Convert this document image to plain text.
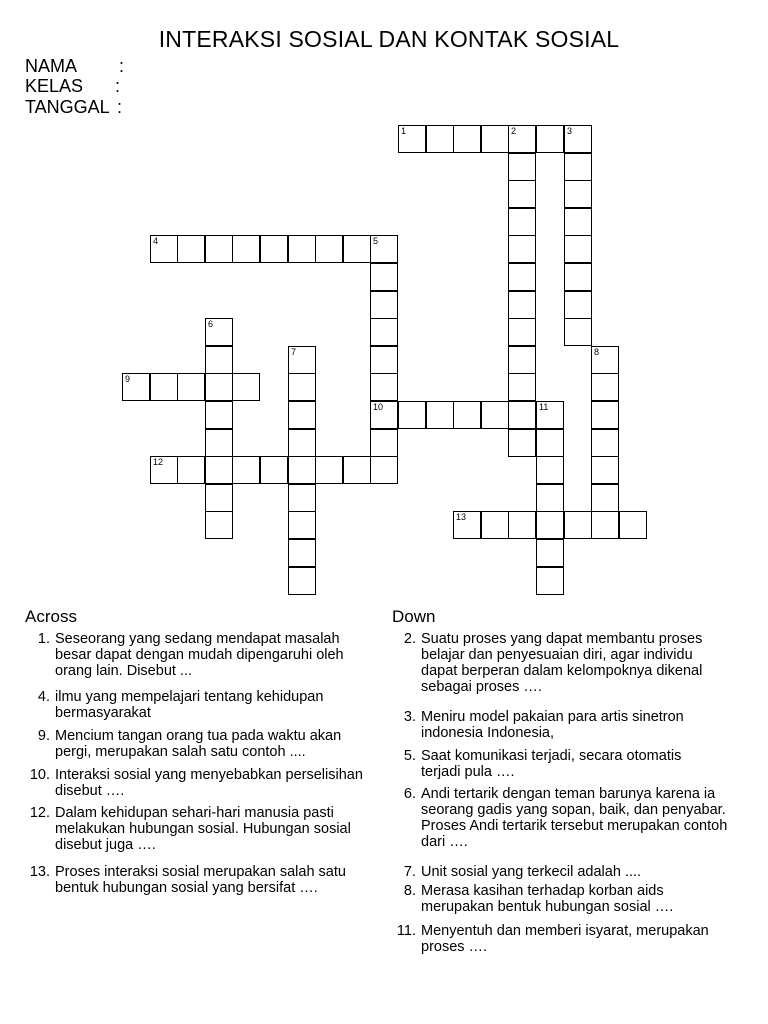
INTERAKSI SOSIAL DAN KONTAK SOSIAL
NAMA :
KELAS :
TANGGAL :
1	2	3
4	5
10
6
7	8
9
11
12
13
Across	Down
1. Seseorang yang sedang mendapat masalah besar dapat dengan mudah dipengaruhi oleh orang lain. Disebut ...
4. ilmu yang mempelajari tentang kehidupan bermasyarakat
9. Mencium tangan orang tua pada waktu akan pergi, merupakan salah satu contoh ....
10. Interaksi sosial yang menyebabkan perselisihan disebut ….
12. Dalam kehidupan sehari-hari manusia pasti melakukan hubungan sosial. Hubungan sosial disebut juga ….
13. Proses interaksi sosial merupakan salah satu bentuk hubungan sosial yang bersifat ….
2. Suatu proses yang dapat membantu proses belajar dan penyesuaian diri, agar individu dapat berperan dalam kelompoknya dikenal sebagai proses ….
3. Meniru model pakaian para artis sinetron indonesia Indonesia,
5. Saat komunikasi terjadi, secara otomatis terjadi pula ….
6. Andi tertarik dengan teman barunya karena ia seorang gadis yang sopan, baik, dan penyabar. Proses Andi tertarik tersebut merupakan contoh dari ….
7. Unit sosial yang terkecil adalah ....
8. Merasa kasihan terhadap korban aids merupakan bentuk hubungan sosial ….
11. Menyentuh dan memberi isyarat, merupakan proses ….
